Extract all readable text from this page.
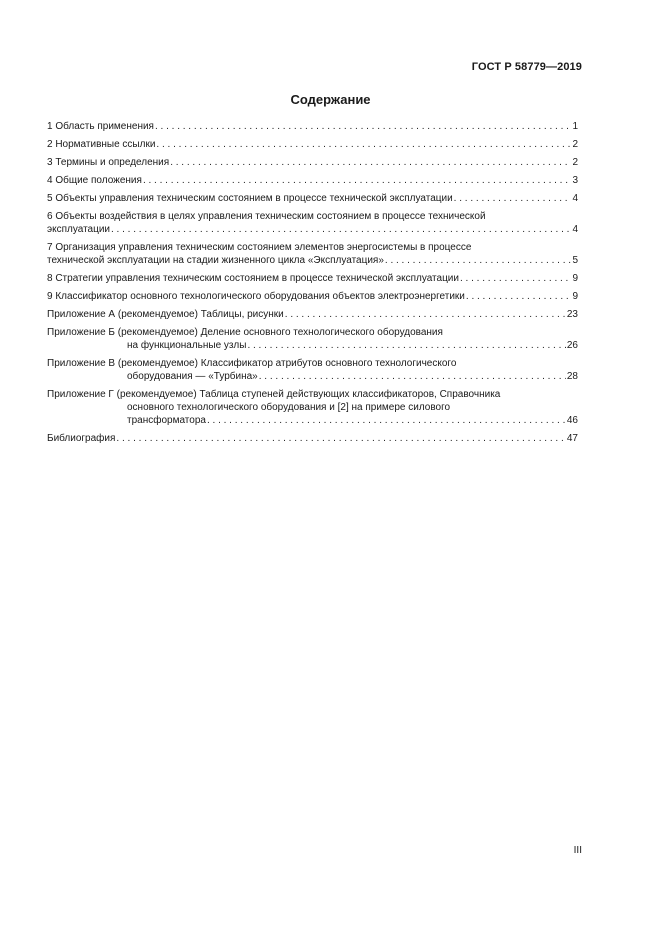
ГОСТ Р 58779—2019
Содержание
1 Область применения . . .	1
2 Нормативные ссылки . . .	2
3 Термины и определения . . .	2
4 Общие положения . . .	3
5 Объекты управления техническим состоянием в процессе технической эксплуатации . . .	4
6 Объекты воздействия в целях управления техническим состоянием в процессе технической
эксплуатации . . .	4
7 Организация управления техническим состоянием элементов энергосистемы в процессе
технической эксплуатации на стадии жизненного цикла «Эксплуатация» . . .	5
8 Стратегии управления техническим состоянием в процессе технической эксплуатации . . .	9
9 Классификатор основного технологического оборудования объектов электроэнергетики . . .	9
Приложение А (рекомендуемое) Таблицы, рисунки . . .	23
Приложение Б (рекомендуемое) Деление основного технологического оборудования
на функциональные узлы . . .	26
Приложение В (рекомендуемое) Классификатор атрибутов основного технологического
оборудования — «Турбина» . . .	28
Приложение Г (рекомендуемое) Таблица ступеней действующих классификаторов, Справочника
основного технологического оборудования и [2] на примере силового
трансформатора . . .	46
Библиография . . .	47
III
